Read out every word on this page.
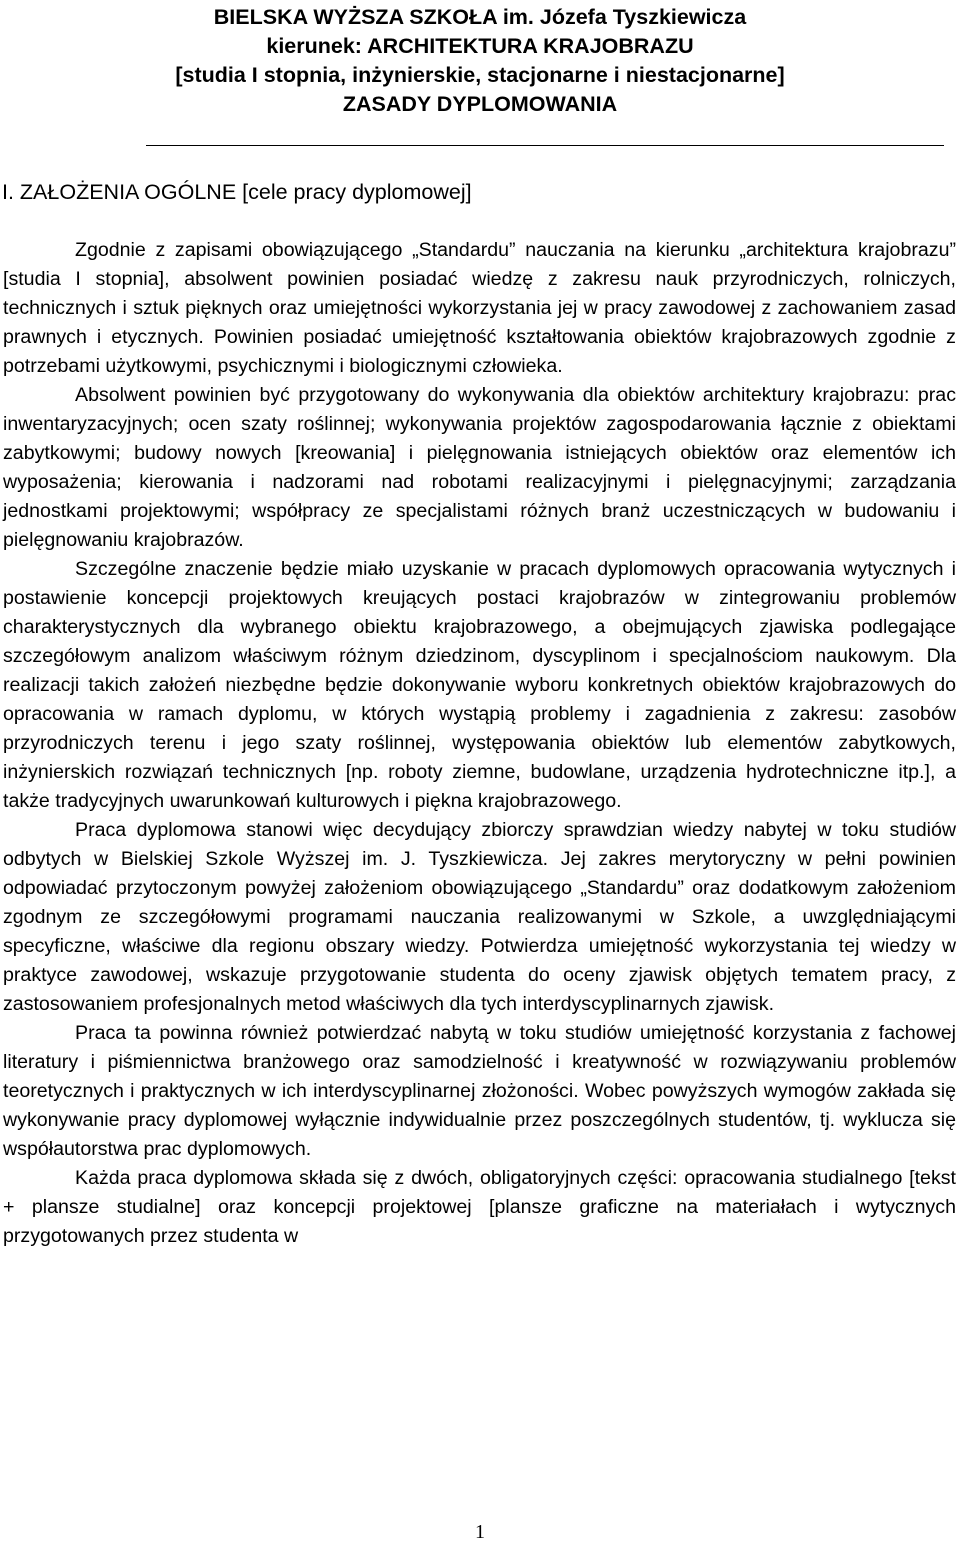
BIELSKA WYŻSZA SZKOŁA im. Józefa Tyszkiewicza
kierunek: ARCHITEKTURA KRAJOBRAZU
[studia I stopnia, inżynierskie, stacjonarne i niestacjonarne]
ZASADY DYPLOMOWANIA
I. ZAŁOŻENIA OGÓLNE [cele pracy dyplomowej]

Zgodnie z zapisami obowiązującego „Standardu” nauczania na kierunku „architektura krajobrazu” [studia I stopnia], absolwent powinien posiadać wiedzę z zakresu nauk przyrodniczych, rolniczych, technicznych i sztuk pięknych oraz umiejętności wykorzystania jej w pracy zawodowej z zachowaniem zasad prawnych i etycznych. Powinien posiadać umiejętność kształtowania obiektów krajobrazowych zgodnie z potrzebami użytkowymi, psychicznymi i biologicznymi człowieka.

Absolwent powinien być przygotowany do wykonywania dla obiektów architektury krajobrazu: prac inwentaryzacyjnych; ocen szaty roślinnej; wykonywania projektów zagospodarowania łącznie z obiektami zabytkowymi; budowy nowych [kreowania] i pielęgnowania istniejących obiektów oraz elementów ich wyposażenia; kierowania i nadzorami nad robotami realizacyjnymi i pielęgnacyjnymi; zarządzania jednostkami projektowymi; współpracy ze specjalistami różnych branż uczestniczących w budowaniu i pielęgnowaniu krajobrazów.

Szczególne znaczenie będzie miało uzyskanie w pracach dyplomowych opracowania wytycznych i postawienie koncepcji projektowych kreujących postaci krajobrazów w zintegrowaniu problemów charakterystycznych dla wybranego obiektu krajobrazowego, a obejmujących zjawiska podlegające szczegółowym analizom właściwym różnym dziedzinom, dyscyplinom i specjalnościom naukowym. Dla realizacji takich założeń niezbędne będzie dokonywanie wyboru konkretnych obiektów krajobrazowych do opracowania w ramach dyplomu, w których wystąpią problemy i zagadnienia z zakresu: zasobów przyrodniczych terenu i jego szaty roślinnej, występowania obiektów lub elementów zabytkowych, inżynierskich rozwiązań technicznych [np. roboty ziemne, budowlane, urządzenia hydrotechniczne itp.], a także tradycyjnych uwarunkowań kulturowych i piękna krajobrazowego.

Praca dyplomowa stanowi więc decydujący zbiorczy sprawdzian wiedzy nabytej w toku studiów odbytych w Bielskiej Szkole Wyższej im. J. Tyszkiewicza. Jej zakres merytoryczny w pełni powinien odpowiadać przytoczonym powyżej założeniom obowiązującego „Standardu” oraz dodatkowym założeniom zgodnym ze szczegółowymi programami nauczania realizowanymi w Szkole, a uwzględniającymi specyficzne, właściwe dla regionu obszary wiedzy. Potwierdza umiejętność wykorzystania tej wiedzy w praktyce zawodowej, wskazuje przygotowanie studenta do oceny zjawisk objętych tematem pracy, z zastosowaniem profesjonalnych metod właściwych dla tych interdyscyplinarnych zjawisk.

Praca ta powinna również potwierdzać nabytą w toku studiów umiejętność korzystania z fachowej literatury i piśmiennictwa branżowego oraz samodzielność i kreatywność w rozwiązywaniu problemów teoretycznych i praktycznych w ich interdyscyplinarnej złożoności. Wobec powyższych wymogów zakłada się wykonywanie pracy dyplomowej wyłącznie indywidualnie przez poszczególnych studentów, tj. wyklucza się współautorstwa prac dyplomowych.

Każda praca dyplomowa składa się z dwóch, obligatoryjnych części: opracowania studialnego [tekst + plansze studialne] oraz koncepcji projektowej [plansze graficzne na materiałach i wytycznych przygotowanych przez studenta w

1
